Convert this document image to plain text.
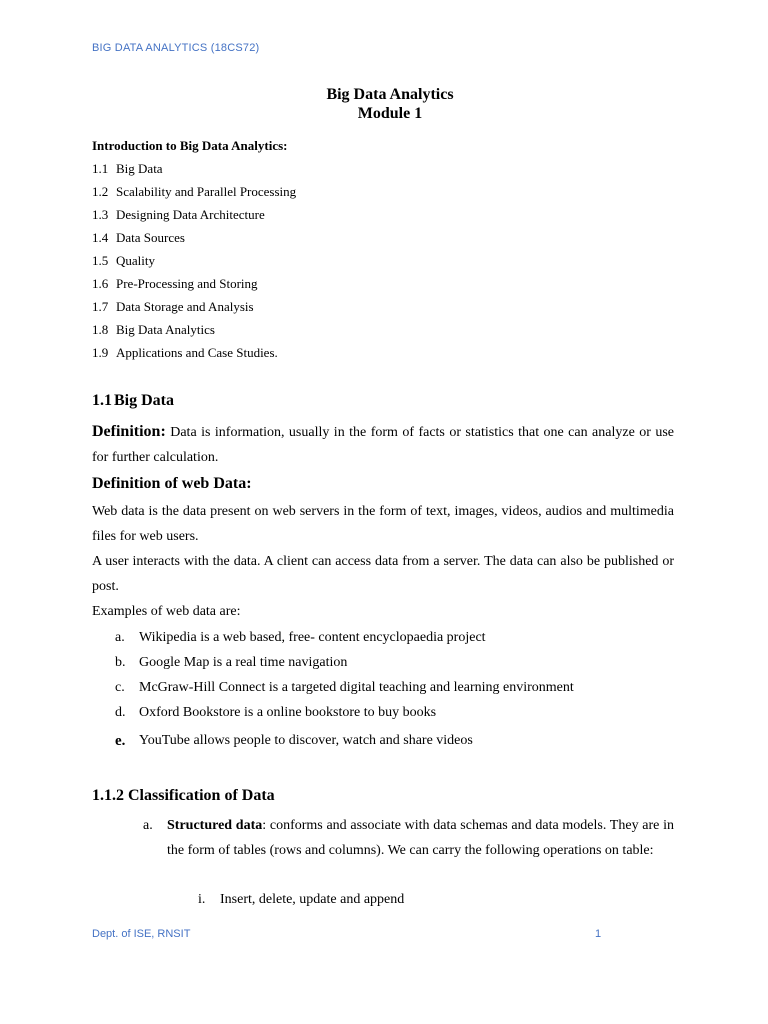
BIG DATA ANALYTICS (18CS72)
Big Data Analytics
Module 1
Introduction to Big Data Analytics:
1.1 Big Data
1.2 Scalability and Parallel Processing
1.3 Designing Data Architecture
1.4 Data Sources
1.5 Quality
1.6 Pre-Processing and Storing
1.7 Data Storage and Analysis
1.8 Big Data Analytics
1.9 Applications and Case Studies.
1.1 Big Data
Definition: Data is information, usually in the form of facts or statistics that one can analyze or use for further calculation.
Definition of web Data:
Web data is the data present on web servers in the form of text, images, videos, audios and multimedia files for web users.
A user interacts with the data. A client can access data from a server. The data can also be published or post.
Examples of web data are:
a.	Wikipedia is a web based, free- content encyclopaedia project
b. Google Map is a real time navigation
c.	McGraw-Hill Connect is a targeted digital teaching and learning environment
d. Oxford Bookstore is a online bookstore to buy books
e. YouTube allows people to discover, watch and share videos
1.1.2 Classification of Data
a.	Structured data: conforms and associate with data schemas and data models. They are in the form of tables (rows and columns). We can carry the following operations on table:
i.	Insert, delete, update and append
Dept. of ISE, RNSIT	1
